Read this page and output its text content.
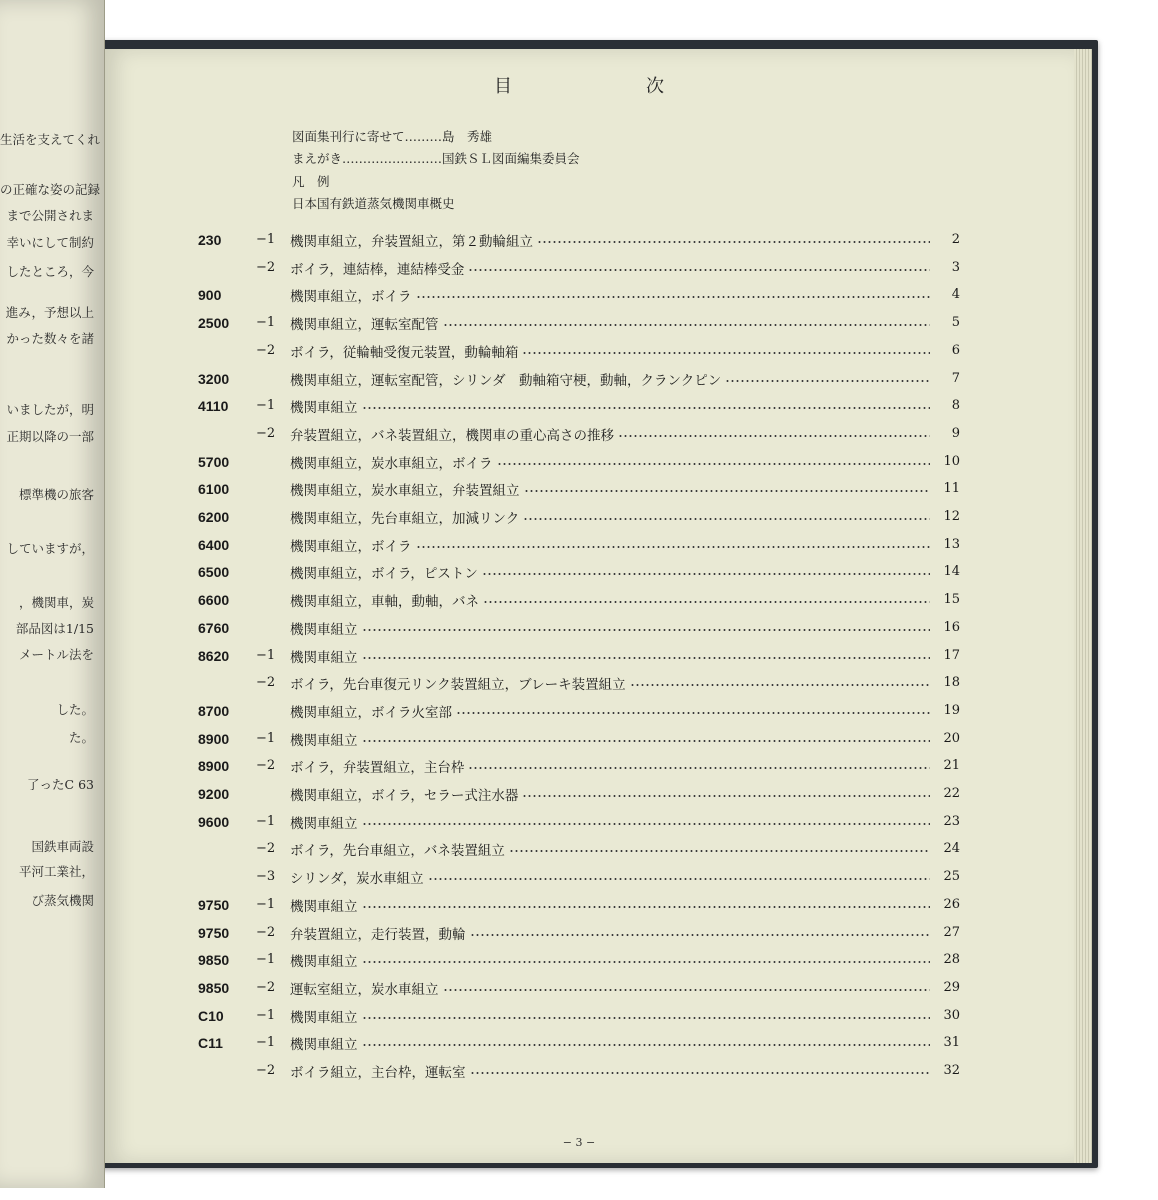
生活を支えてくれ
の正確な姿の記録
まで公開されま
幸いにして制約
したところ，今
進み，予想以上
かった数々を諸
いましたが，明
正期以降の一部
標準機の旅客
していますが，
，機関車，炭
部品図は1/15
メートル法を
した。
た。
了ったC 63
国鉄車両設
平河工業社，
び蒸気機関
目　次
図面集刊行に寄せて………島　秀雄
まえがき……………………国鉄ＳＬ図面編集委員会
凡　例
日本国有鉄道蒸気機関車概史
230	−1	機関車組立，弁装置組立，第２動輪組立	2
−2	ボイラ，連結棒，連結棒受金	3
900	機関車組立，ボイラ	4
2500	−1	機関車組立，運転室配管	5
−2	ボイラ，従輪軸受復元装置，動輪軸箱	6
3200	機関車組立，運転室配管，シリンダ　動軸箱守梗，動軸，クランクピン	7
4110	−1	機関車組立	8
−2	弁装置組立，バネ装置組立，機関車の重心高さの推移	9
5700	機関車組立，炭水車組立，ボイラ	10
6100	機関車組立，炭水車組立，弁装置組立	11
6200	機関車組立，先台車組立，加減リンク	12
6400	機関車組立，ボイラ	13
6500	機関車組立，ボイラ，ピストン	14
6600	機関車組立，車軸，動軸，バネ	15
6760	機関車組立	16
8620	−1	機関車組立	17
−2	ボイラ，先台車復元リンク装置組立，ブレーキ装置組立	18
8700	機関車組立，ボイラ火室部	19
8900	−1	機関車組立	20
8900	−2	ボイラ，弁装置組立，主台枠	21
9200	機関車組立，ボイラ，セラー式注水器	22
9600	−1	機関車組立	23
−2	ボイラ，先台車組立，バネ装置組立	24
−3	シリンダ，炭水車組立	25
9750	−1	機関車組立	26
9750	−2	弁装置組立，走行装置，動輪	27
9850	−1	機関車組立	28
9850	−2	運転室組立，炭水車組立	29
C10	−1	機関車組立	30
C11	−1	機関車組立	31
−2	ボイラ組立，主台枠，運転室	32
− 3 −
